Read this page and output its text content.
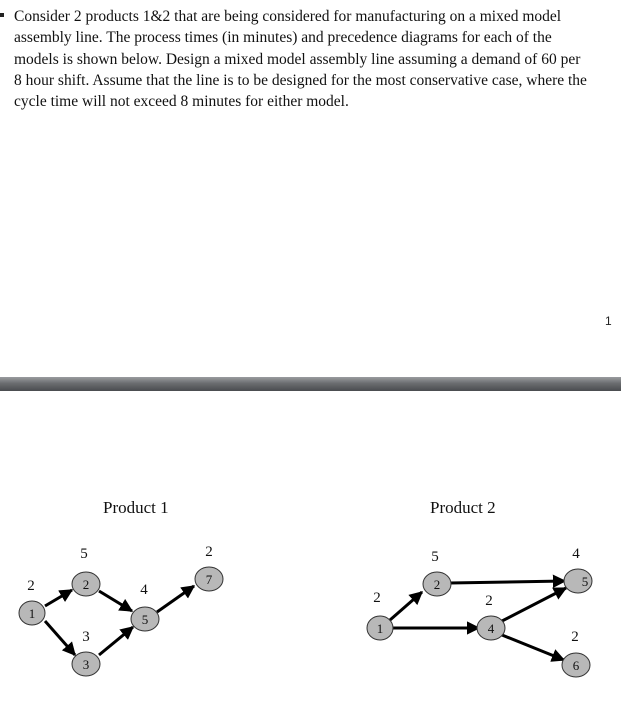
Consider 2 products 1&2 that are being considered for manufacturing on a mixed model
assembly line. The process times (in minutes) and precedence diagrams for each of the
models is shown below. Design a mixed model assembly line assuming a demand of 60 per
8 hour shift. Assume that the line is to be designed for the most conservative case, where the
cycle time will not exceed 8 minutes for either model.

1
Product 1	Product 2
1
2	2
5
3
3
5
4
7
2
1
2
2
5
4
2
5
4
6
2
